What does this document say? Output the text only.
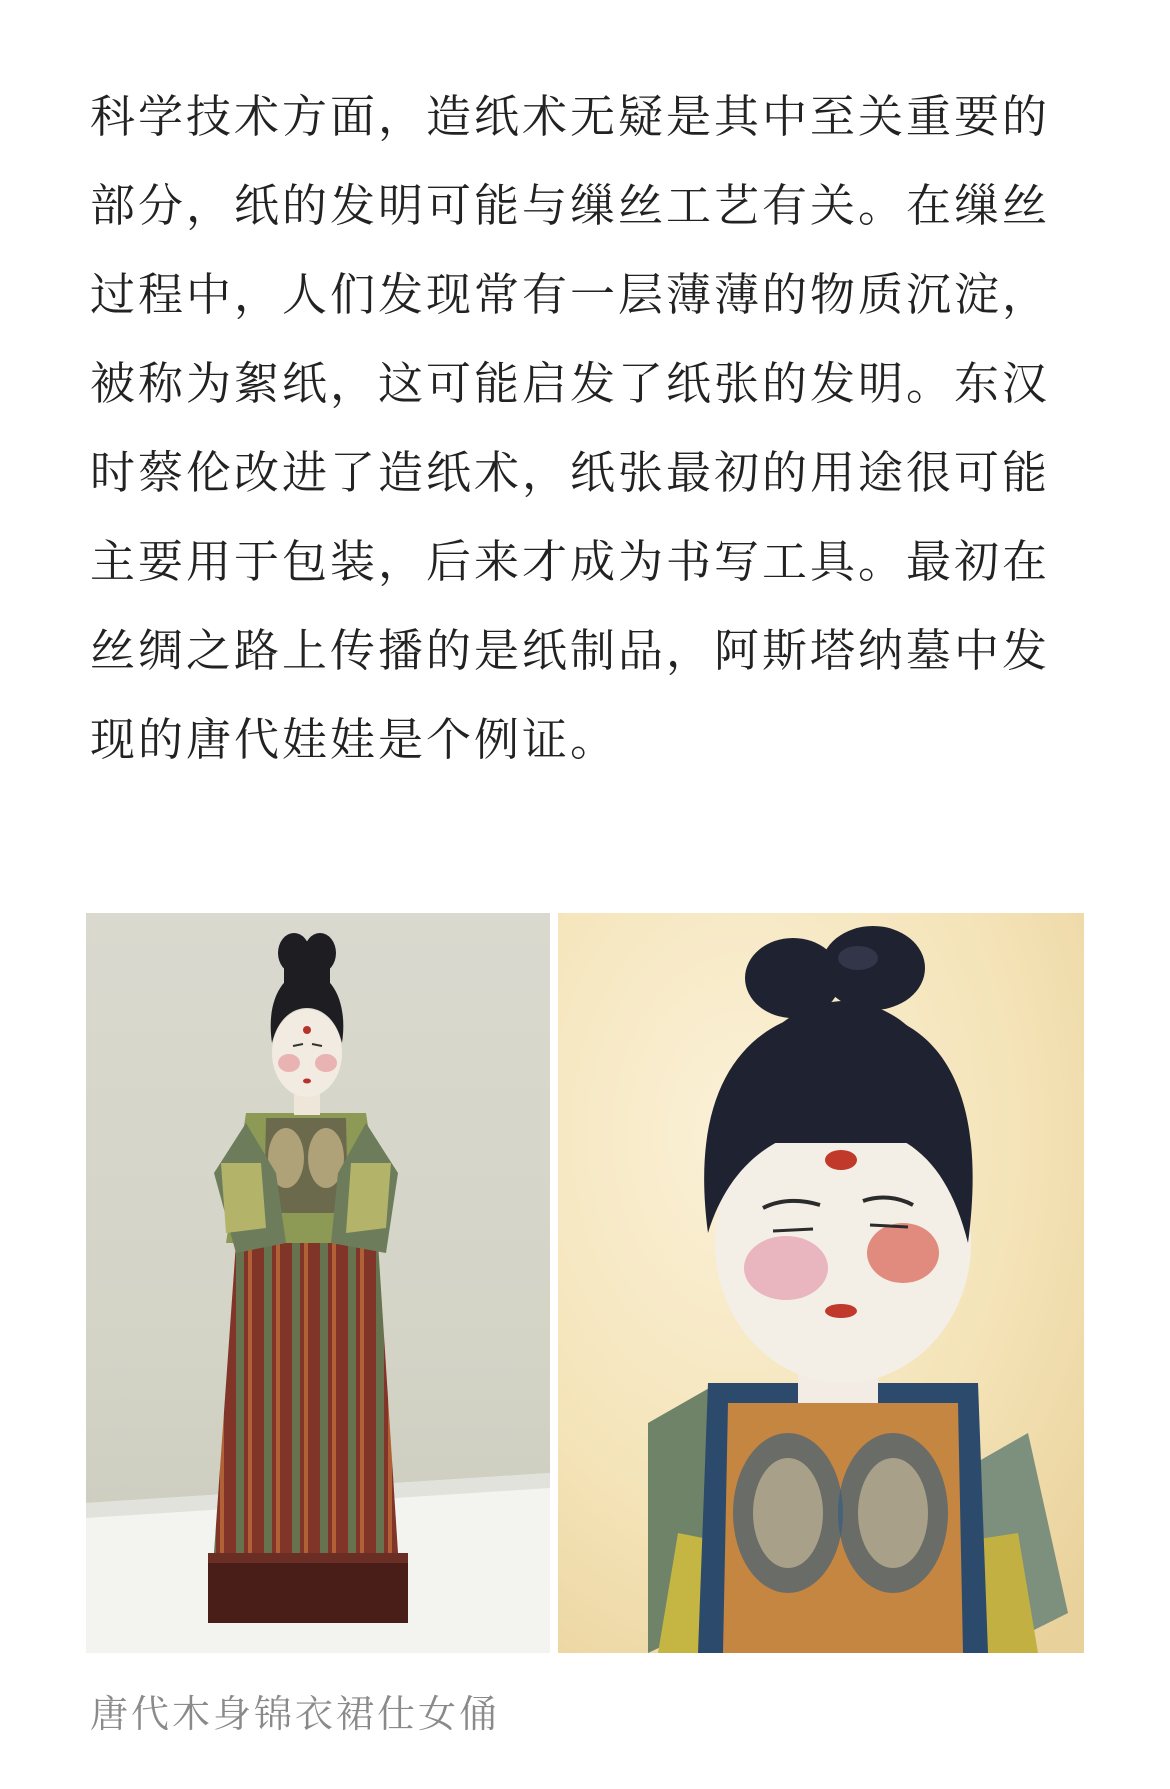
科学技术方面，造纸术无疑是其中至关重要的
部分，纸的发明可能与缫丝工艺有关。在缫丝
过程中，人们发现常有一层薄薄的物质沉淀，
被称为絮纸，这可能启发了纸张的发明。东汉
时蔡伦改进了造纸术，纸张最初的用途很可能
主要用于包装，后来才成为书写工具。最初在
丝绸之路上传播的是纸制品，阿斯塔纳墓中发
现的唐代娃娃是个例证。

唐代木身锦衣裙仕女俑
